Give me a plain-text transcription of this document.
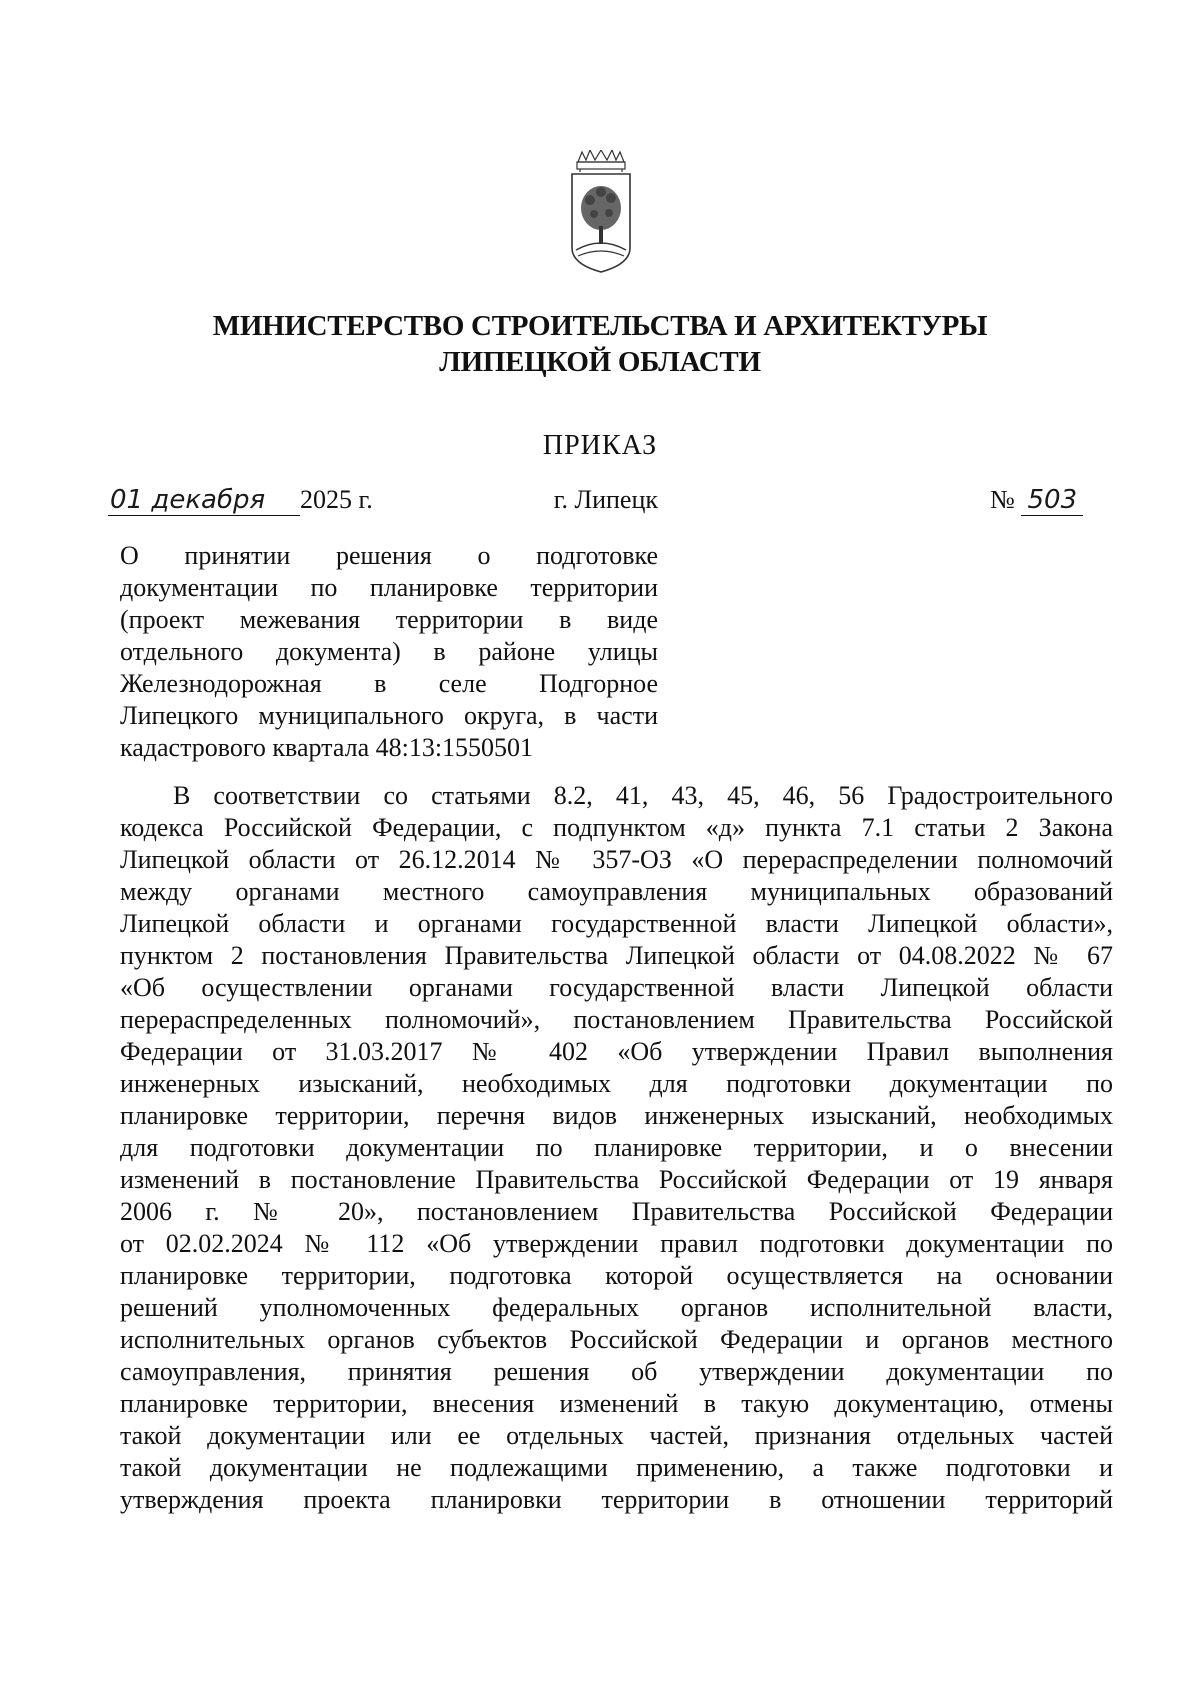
МИНИСТЕРСТВО СТРОИТЕЛЬСТВА И АРХИТЕКТУРЫ
ЛИПЕЦКОЙ ОБЛАСТИ
ПРИКАЗ
01 декабря 2025 г.	г. Липецк	№ 503
О принятии решения о подготовке
документации по планировке территории
(проект межевания территории в виде
отдельного документа) в районе улицы
Железнодорожная в селе Подгорное
Липецкого муниципального округа, в части
кадастрового квартала 48:13:1550501
В соответствии со статьями 8.2, 41, 43, 45, 46, 56 Градостроительного
кодекса Российской Федерации, с подпунктом «д» пункта 7.1 статьи 2 Закона
Липецкой области от 26.12.2014 № 357-ОЗ «О перераспределении полномочий
между органами местного самоуправления муниципальных образований
Липецкой области и органами государственной власти Липецкой области»,
пунктом 2 постановления Правительства Липецкой области от 04.08.2022 № 67
«Об осуществлении органами государственной власти Липецкой области
перераспределенных полномочий», постановлением Правительства Российской
Федерации от 31.03.2017 № 402 «Об утверждении Правил выполнения
инженерных изысканий, необходимых для подготовки документации по
планировке территории, перечня видов инженерных изысканий, необходимых
для подготовки документации по планировке территории, и о внесении
изменений в постановление Правительства Российской Федерации от 19 января
2006 г. № 20», постановлением Правительства Российской Федерации
от 02.02.2024 № 112 «Об утверждении правил подготовки документации по
планировке территории, подготовка которой осуществляется на основании
решений уполномоченных федеральных органов исполнительной власти,
исполнительных органов субъектов Российской Федерации и органов местного
самоуправления, принятия решения об утверждении документации по
планировке территории, внесения изменений в такую документацию, отмены
такой документации или ее отдельных частей, признания отдельных частей
такой документации не подлежащими применению, а также подготовки и
утверждения проекта планировки территории в отношении территорий
